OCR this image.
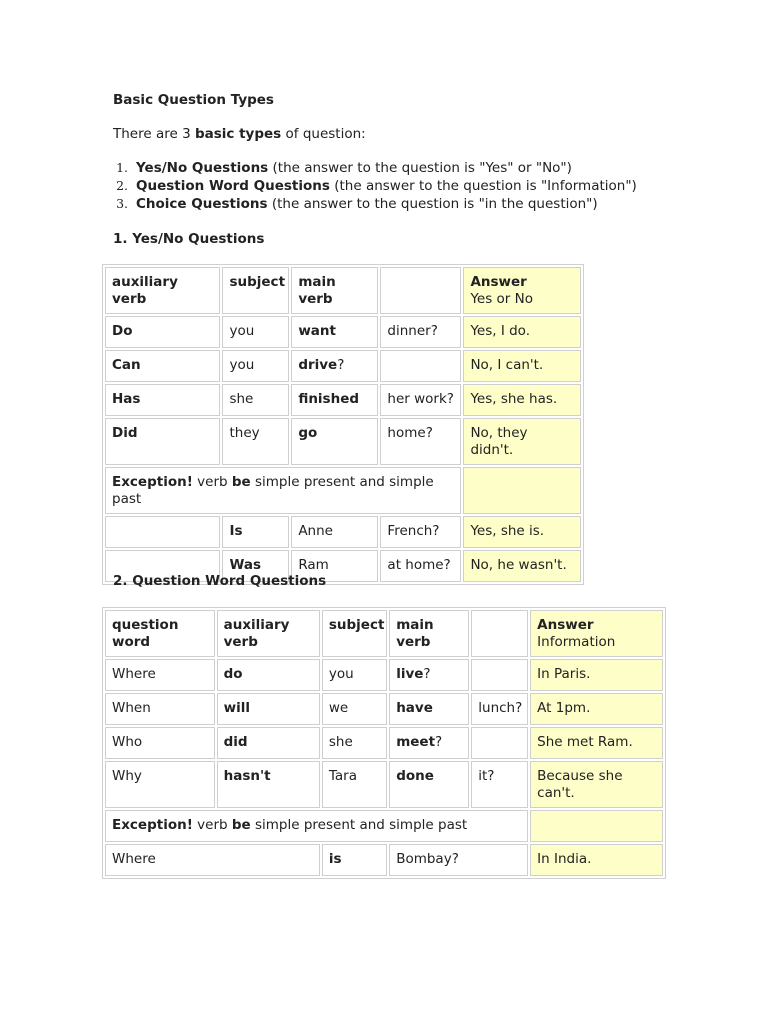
Basic Question Types

There are 3 basic types of question:

1. Yes/No Questions (the answer to the question is "Yes" or "No")
2. Question Word Questions (the answer to the question is "Information")
3. Choice Questions (the answer to the question is "in the question")
1. Yes/No Questions
auxiliary verb	subject	main verb		Answer
Yes or No
Do	you	want	dinner?	Yes, I do.
Can	you	drive?		No, I can't.
Has	she	finished	her work?	Yes, she has.
Did	they	go	home?	No, they didn't.
Exception! verb be simple present and simple past				
	Is	Anne	French?	Yes, she is.
	Was	Ram	at home?	No, he wasn't.
2. Question Word Questions
question word	auxiliary verb	subject	main verb		Answer
Information
Where	do	you	live?		In Paris.
When	will	we	have	lunch?	At 1pm.
Who	did	she	meet?		She met Ram.
Why	hasn't	Tara	done	it?	Because she can't.
Exception! verb be simple present and simple past					
Where		is	Bombay?		In India.
